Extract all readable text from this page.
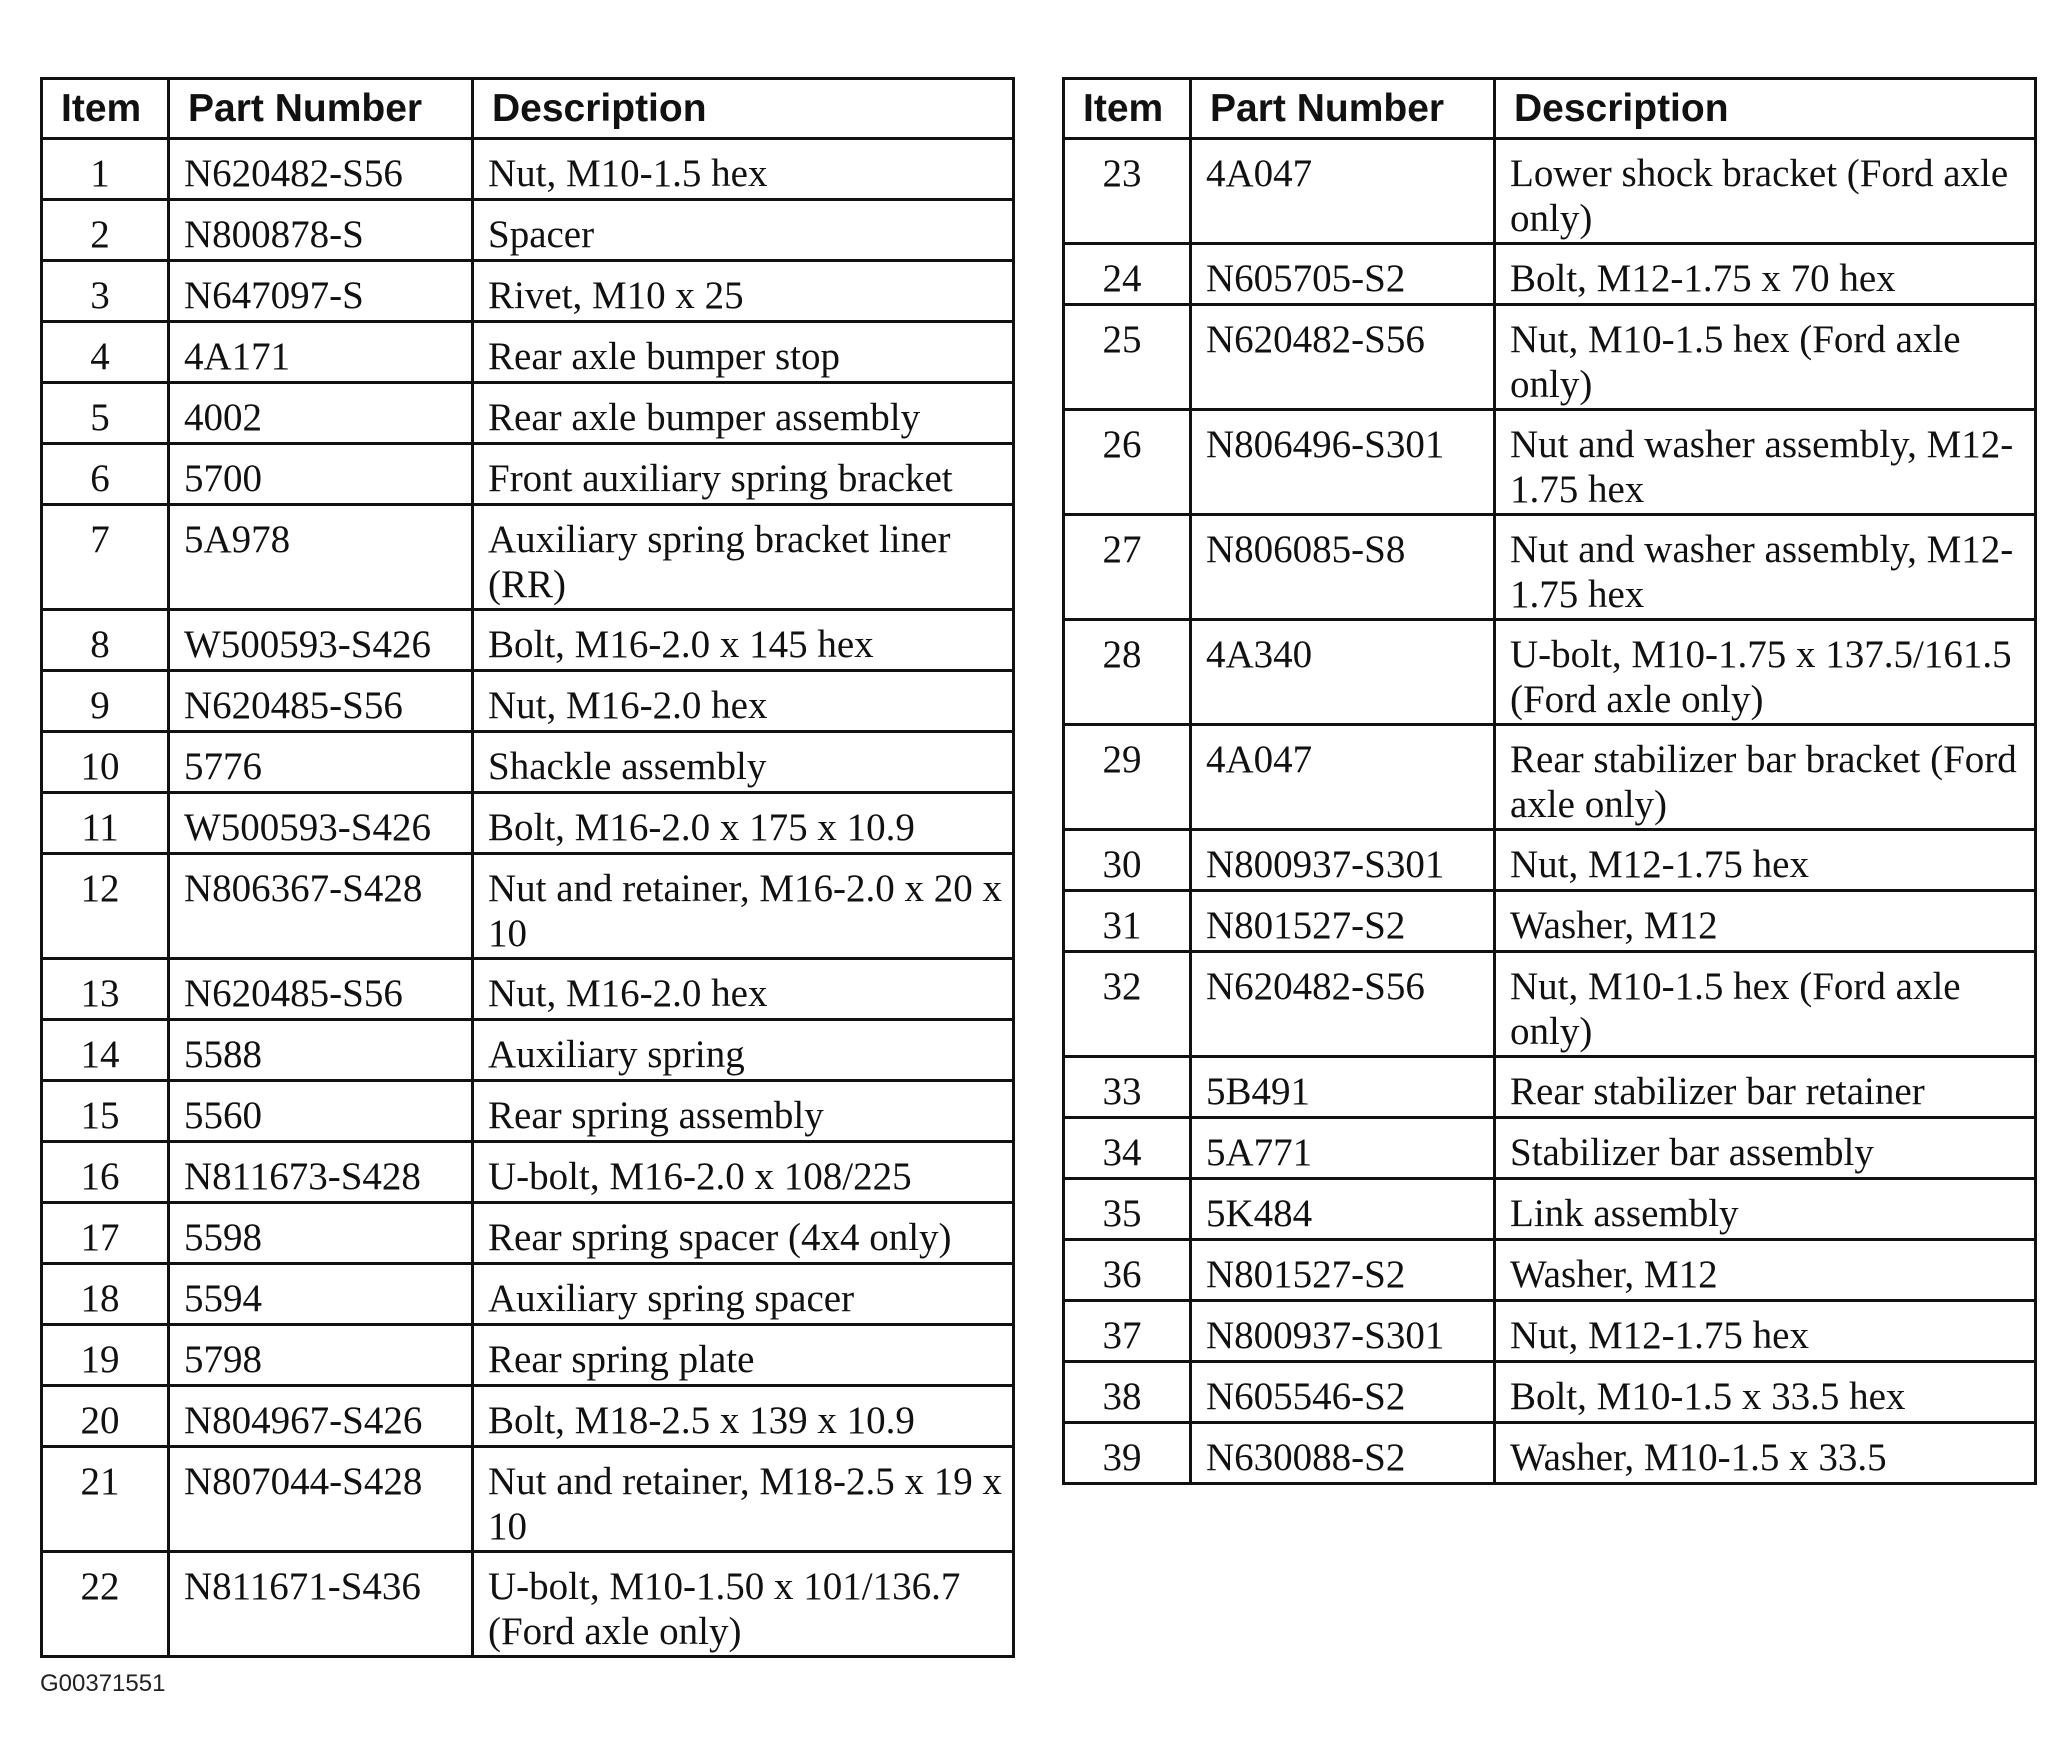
Item	Part Number	Description
1	N620482-S56	Nut, M10-1.5 hex
2	N800878-S	Spacer
3	N647097-S	Rivet, M10 x 25
4	4A171	Rear axle bumper stop
5	4002	Rear axle bumper assembly
6	5700	Front auxiliary spring bracket
7	5A978	Auxiliary spring bracket liner (RR)
8	W500593-S426	Bolt, M16-2.0 x 145 hex
9	N620485-S56	Nut, M16-2.0 hex
10	5776	Shackle assembly
11	W500593-S426	Bolt, M16-2.0 x 175 x 10.9
12	N806367-S428	Nut and retainer, M16-2.0 x 20 x 10
13	N620485-S56	Nut, M16-2.0 hex
14	5588	Auxiliary spring
15	5560	Rear spring assembly
16	N811673-S428	U-bolt, M16-2.0 x 108/225
17	5598	Rear spring spacer (4x4 only)
18	5594	Auxiliary spring spacer
19	5798	Rear spring plate
20	N804967-S426	Bolt, M18-2.5 x 139 x 10.9
21	N807044-S428	Nut and retainer, M18-2.5 x 19 x 10
22	N811671-S436	U-bolt, M10-1.50 x 101/136.7 (Ford axle only)
Item	Part Number	Description
23	4A047	Lower shock bracket (Ford axle only)
24	N605705-S2	Bolt, M12-1.75 x 70 hex
25	N620482-S56	Nut, M10-1.5 hex (Ford axle only)
26	N806496-S301	Nut and washer assembly, M12-1.75 hex
27	N806085-S8	Nut and washer assembly, M12-1.75 hex
28	4A340	U-bolt, M10-1.75 x 137.5/161.5 (Ford axle only)
29	4A047	Rear stabilizer bar bracket (Ford axle only)
30	N800937-S301	Nut, M12-1.75 hex
31	N801527-S2	Washer, M12
32	N620482-S56	Nut, M10-1.5 hex (Ford axle only)
33	5B491	Rear stabilizer bar retainer
34	5A771	Stabilizer bar assembly
35	5K484	Link assembly
36	N801527-S2	Washer, M12
37	N800937-S301	Nut, M12-1.75 hex
38	N605546-S2	Bolt, M10-1.5 x 33.5 hex
39	N630088-S2	Washer, M10-1.5 x 33.5
G00371551
